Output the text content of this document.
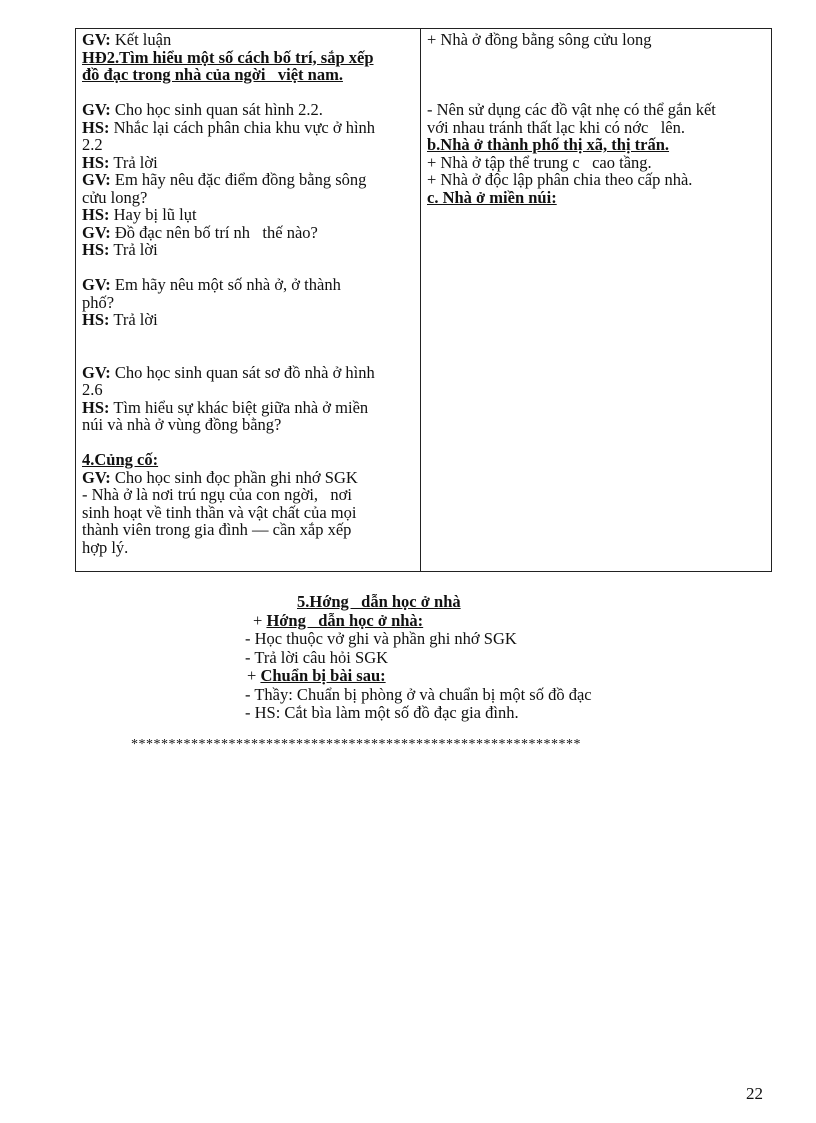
GV: Kết luận
HĐ2.Tìm hiểu một số cách bố trí, sắp xếp
đồ đạc trong nhà của ngời   việt nam.
GV: Cho học sinh quan sát hình 2.2.
HS: Nhắc lại cách phân chia khu vực ở hình
2.2
HS: Trả lời
GV: Em hãy nêu đặc điểm đồng bằng sông
cửu long?
HS: Hay bị lũ lụt
GV: Đồ đạc nên bố trí nh   thế nào?
HS: Trả lời
GV: Em hãy nêu một số nhà ở, ở thành
phố?
HS: Trả lời
GV: Cho học sinh quan sát sơ đồ nhà ở hình
2.6
HS: Tìm hiểu sự khác biệt giữa nhà ở miền
núi và nhà ở vùng đồng bằng?
4.Củng cố:
GV: Cho học sinh đọc phần ghi nhớ SGK
- Nhà ở là nơi trú ngụ của con ngời,   nơi
sinh hoạt về tinh thần và vật chất của mọi
thành viên trong gia đình — cần xắp xếp
hợp lý.
+ Nhà ở đồng bằng sông cửu long
- Nên sử dụng các đồ vật nhẹ có thể gắn kết
với nhau tránh thất lạc khi có nớc   lên.
b.Nhà ở thành phố thị xã, thị trấn.
+ Nhà ở tập thể trung c   cao tầng.
+ Nhà ở độc lập phân chia theo cấp nhà.
c. Nhà ở miền núi:
5.Hớng   dẫn học ở nhà
+ Hớng   dẫn học ở nhà:
- Học thuộc vở ghi và phần ghi nhớ SGK
- Trả lời câu hỏi SGK
+ Chuẩn bị bài sau:
- Thầy: Chuẩn bị phòng ở và chuẩn bị một số đồ đạc
- HS: Cắt bìa làm một số đồ đạc gia đình.
************************************************************
22
